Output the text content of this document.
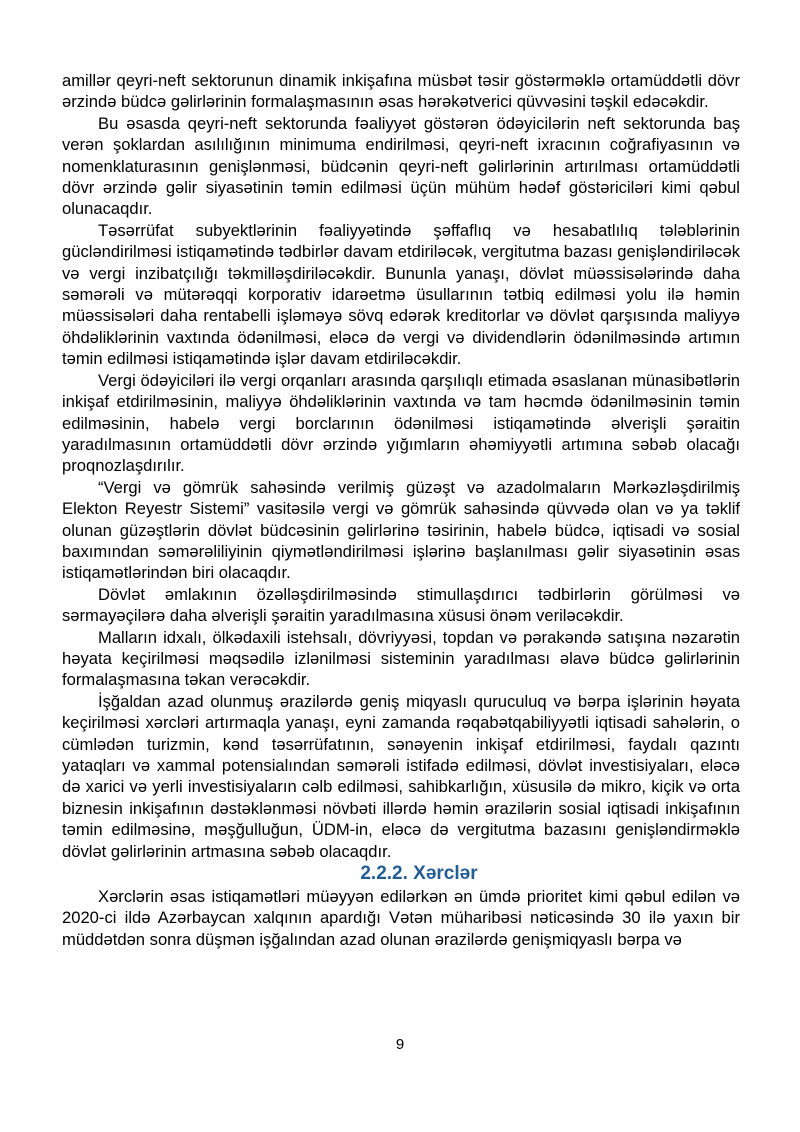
amillər qeyri-neft sektorunun dinamik inkişafına müsbət təsir göstərməklə ortamüddətli dövr ərzində büdcə gəlirlərinin formalaşmasının əsas hərəkətverici qüvvəsini təşkil edəcəkdir.

Bu əsasda qeyri-neft sektorunda fəaliyyət göstərən ödəyicilərin neft sektorunda baş verən şoklardan asılılığının minimuma endirilməsi, qeyri-neft ixracının coğrafiyasının və nomenklaturasının genişlənməsi, büdcənin qeyri-neft gəlirlərinin artırılması ortamüddətli dövr ərzində gəlir siyasətinin təmin edilməsi üçün mühüm hədəf göstəriciləri kimi qəbul olunacaqdır.

Təsərrüfat subyektlərinin fəaliyyətində şəffaflıq və hesabatlılıq tələblərinin gücləndirilməsi istiqamətində tədbirlər davam etdiriləcək, vergitutma bazası genişləndiriləcək və vergi inzibatçılığı təkmilləşdiriləcəkdir. Bununla yanaşı, dövlət müəssisələrində daha səmərəli və mütərəqqi korporativ idarəetmə üsullarının tətbiq edilməsi yolu ilə həmin müəssisələri daha rentabelli işləməyə sövq edərək kreditorlar və dövlət qarşısında maliyyə öhdəliklərinin vaxtında ödənilməsi, eləcə də vergi və dividendlərin ödənilməsində artımın təmin edilməsi istiqamətində işlər davam etdiriləcəkdir.

Vergi ödəyiciləri ilə vergi orqanları arasında qarşılıqlı etimada əsaslanan münasibətlərin inkişaf etdirilməsinin, maliyyə öhdəliklərinin vaxtında və tam həcmdə ödənilməsinin təmin edilməsinin, habelə vergi borclarının ödənilməsi istiqamətində əlverişli şəraitin yaradılmasının ortamüddətli dövr ərzində yığımların əhəmiyyətli artımına səbəb olacağı proqnozlaşdırılır.

“Vergi və gömrük sahəsində verilmiş güzəşt və azadolmaların Mərkəzləşdirilmiş Elekton Reyestr Sistemi” vasitəsilə vergi və gömrük sahəsində qüvvədə olan və ya təklif olunan güzəştlərin dövlət büdcəsinin gəlirlərinə təsirinin, habelə büdcə, iqtisadi və sosial baxımından səmərəliliyinin qiymətləndirilməsi işlərinə başlanılması gəlir siyasətinin əsas istiqamətlərindən biri olacaqdır.

Dövlət əmlakının özəlləşdirilməsində stimullaşdırıcı tədbirlərin görülməsi və sərmayəçilərə daha əlverişli şəraitin yaradılmasına xüsusi önəm veriləcəkdir.

Malların idxalı, ölkədaxili istehsalı, dövriyyəsi, topdan və pərakəndə satışına nəzarətin həyata keçirilməsi məqsədilə izlənilməsi sisteminin yaradılması əlavə büdcə gəlirlərinin formalaşmasına təkan verəcəkdir.

İşğaldan azad olunmuş ərazilərdə geniş miqyaslı quruculuq və bərpa işlərinin həyata keçirilməsi xərcləri artırmaqla yanaşı, eyni zamanda rəqabətqabiliyyətli iqtisadi sahələrin, o cümlədən turizmin, kənd təsərrüfatının, sənəyenin inkişaf etdirilməsi, faydalı qazıntı yataqları və xammal potensialından səmərəli istifadə edilməsi, dövlət investisiyaları, eləcə də xarici və yerli investisiyaların cəlb edilməsi, sahibkarlığın, xüsusilə də mikro, kiçik və orta biznesin inkişafının dəstəklənməsi növbəti illərdə həmin ərazilərin sosial iqtisadi inkişafının təmin edilməsinə, məşğulluğun, ÜDM-in, eləcə də vergitutma bazasını genişləndirməklə dövlət gəlirlərinin artmasına səbəb olacaqdır.

2.2.2. Xərclər

Xərclərin əsas istiqamətləri müəyyən edilərkən ən ümdə prioritet kimi qəbul edilən və 2020-ci ildə Azərbaycan xalqının apardığı Vətən müharibəsi nəticəsində 30 ilə yaxın bir müddətdən sonra düşmən işğalından azad olunan ərazilərdə genişmiqyaslı bərpa və

9
